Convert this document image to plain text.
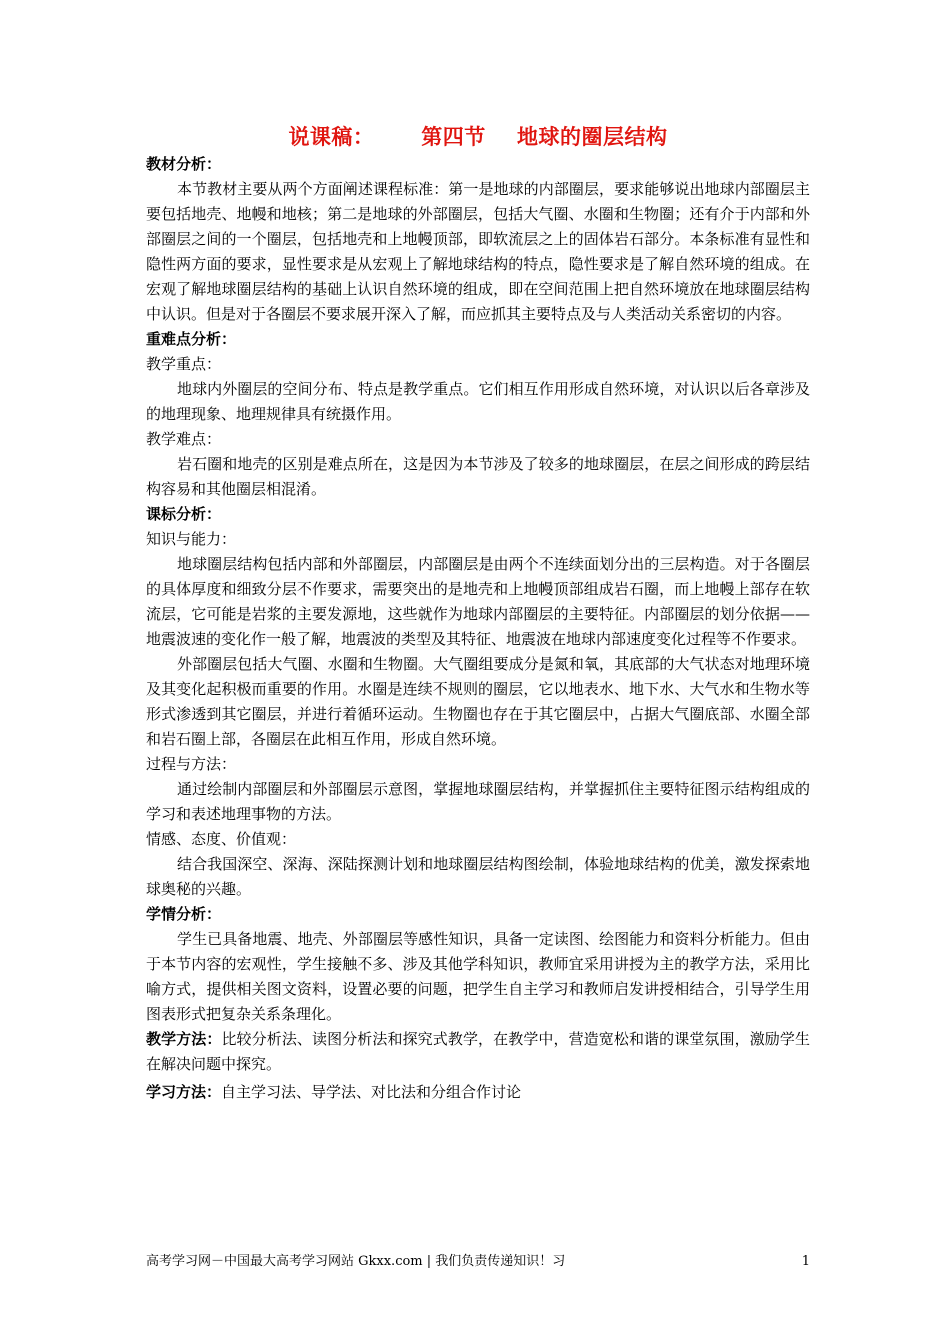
说课稿：      第四节    地球的圈层结构
教材分析：
本节教材主要从两个方面阐述课程标准：第一是地球的内部圈层，要求能够说出地球内部圈层主要包括地壳、地幔和地核；第二是地球的外部圈层，包括大气圈、水圈和生物圈；还有介于内部和外部圈层之间的一个圈层，包括地壳和上地幔顶部，即软流层之上的固体岩石部分。本条标准有显性和隐性两方面的要求，显性要求是从宏观上了解地球结构的特点，隐性要求是了解自然环境的组成。在宏观了解地球圈层结构的基础上认识自然环境的组成，即在空间范围上把自然环境放在地球圈层结构中认识。但是对于各圈层不要求展开深入了解，而应抓其主要特点及与人类活动关系密切的内容。
重难点分析：
教学重点：
地球内外圈层的空间分布、特点是教学重点。它们相互作用形成自然环境，对认识以后各章涉及的地理现象、地理规律具有统摄作用。
教学难点：
岩石圈和地壳的区别是难点所在，这是因为本节涉及了较多的地球圈层，在层之间形成的跨层结构容易和其他圈层相混淆。
课标分析：
知识与能力：
地球圈层结构包括内部和外部圈层，内部圈层是由两个不连续面划分出的三层构造。对于各圈层的具体厚度和细致分层不作要求，需要突出的是地壳和上地幔顶部组成岩石圈，而上地幔上部存在软流层，它可能是岩浆的主要发源地，这些就作为地球内部圈层的主要特征。内部圈层的划分依据——地震波速的变化作一般了解，地震波的类型及其特征、地震波在地球内部速度变化过程等不作要求。
外部圈层包括大气圈、水圈和生物圈。大气圈组要成分是氮和氧，其底部的大气状态对地理环境及其变化起积极而重要的作用。水圈是连续不规则的圈层，它以地表水、地下水、大气水和生物水等形式渗透到其它圈层，并进行着循环运动。生物圈也存在于其它圈层中，占据大气圈底部、水圈全部和岩石圈上部，各圈层在此相互作用，形成自然环境。
过程与方法：
通过绘制内部圈层和外部圈层示意图，掌握地球圈层结构，并掌握抓住主要特征图示结构组成的学习和表述地理事物的方法。
情感、态度、价值观：
结合我国深空、深海、深陆探测计划和地球圈层结构图绘制，体验地球结构的优美，激发探索地球奥秘的兴趣。
学情分析：
学生已具备地震、地壳、外部圈层等感性知识，具备一定读图、绘图能力和资料分析能力。但由于本节内容的宏观性，学生接触不多、涉及其他学科知识，教师宜采用讲授为主的教学方法，采用比喻方式，提供相关图文资料，设置必要的问题，把学生自主学习和教师启发讲授相结合，引导学生用图表形式把复杂关系条理化。
教学方法：比较分析法、读图分析法和探究式教学，在教学中，营造宽松和谐的课堂氛围，激励学生在解决问题中探究。
学习方法：自主学习法、导学法、对比法和分组合作讨论
高考学习网－中国最大高考学习网站 Gkxx.com | 我们负责传递知识！习	1
